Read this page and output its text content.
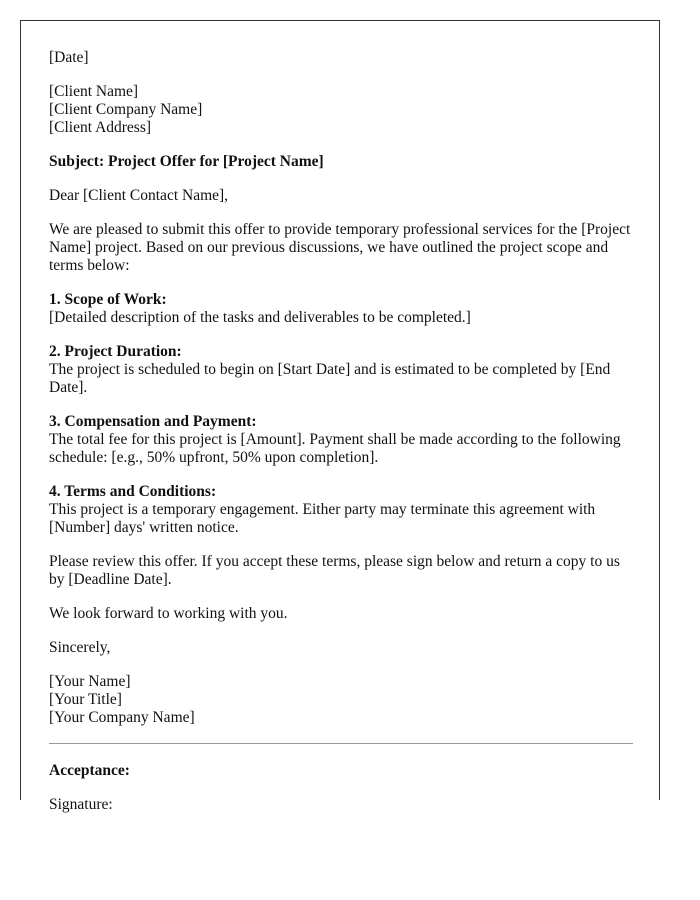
[Date]

[Client Name]

[Client Company Name]

[Client Address]

Subject: Project Offer for [Project Name]

Dear [Client Contact Name],

We are pleased to submit this offer to provide temporary professional services for the [Project Name] project. Based on our previous discussions, we have outlined the project scope and terms below:

1. Scope of Work:

[Detailed description of the tasks and deliverables to be completed.]

2. Project Duration:

The project is scheduled to begin on [Start Date] and is estimated to be completed by [End Date].

3. Compensation and Payment:

The total fee for this project is [Amount]. Payment shall be made according to the following schedule: [e.g., 50% upfront, 50% upon completion].

4. Terms and Conditions:

This project is a temporary engagement. Either party may terminate this agreement with [Number] days' written notice.

Please review this offer. If you accept these terms, please sign below and return a copy to us by [Deadline Date].

We look forward to working with you.

Sincerely,

[Your Name]

[Your Title]

[Your Company Name]

Acceptance:

Signature:
